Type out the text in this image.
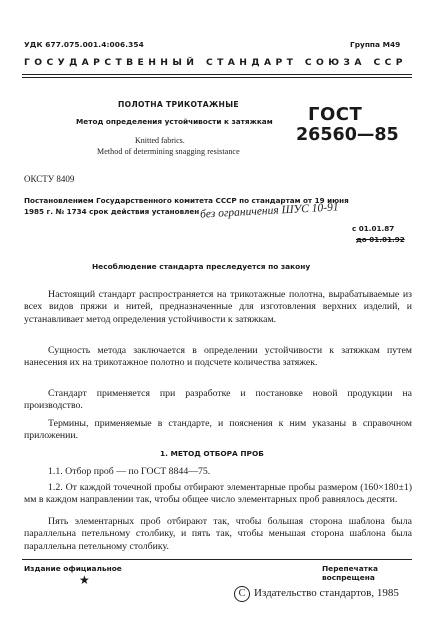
УДК 677.075.001.4:006.354	Группа М49
ГОСУДАРСТВЕННЫЙ СТАНДАРТ СОЮЗА ССР
ПОЛОТНА ТРИКОТАЖНЫЕ
Метод определения устойчивости к затяжкам
Knitted fabrics.
Method of determining snagging resistance
ГОСТ
26560—85
ОКСТУ 8409
Постановлением Государственного комитета СССР по стандартам от 19 июня
1985 г. № 1734 срок действия установлен без ограничения ШУС 10-91
с 01.01.87
до 01.01.92
Несоблюдение стандарта преследуется по закону

Настоящий стандарт распространяется на трикотажные полотна, вырабатываемые из всех видов пряжи и нитей, предназначенные для изготовления верхних изделий, и устанавливает метод определения устойчивости к затяжкам.

Сущность метода заключается в определении устойчивости к затяжкам путем нанесения их на трикотажное полотно и подсчете количества затяжек.

Стандарт применяется при разработке и постановке новой продукции на производство.

Термины, применяемые в стандарте, и пояснения к ним указаны в справочном приложении.

1. МЕТОД ОТБОРА ПРОБ

1.1. Отбор проб — по ГОСТ 8844—75.

1.2. От каждой точечной пробы отбирают элементарные пробы размером (160×180±1) мм в каждом направлении так, чтобы общее число элементарных проб равнялось десяти.

Пять элементарных проб отбирают так, чтобы большая сторона шаблона была параллельна петельному столбику, и пять так, чтобы меньшая сторона шаблона была параллельна петельному столбику.

Издание официальное	Перепечатка воспрещена
★
C Издательство стандартов, 1985
